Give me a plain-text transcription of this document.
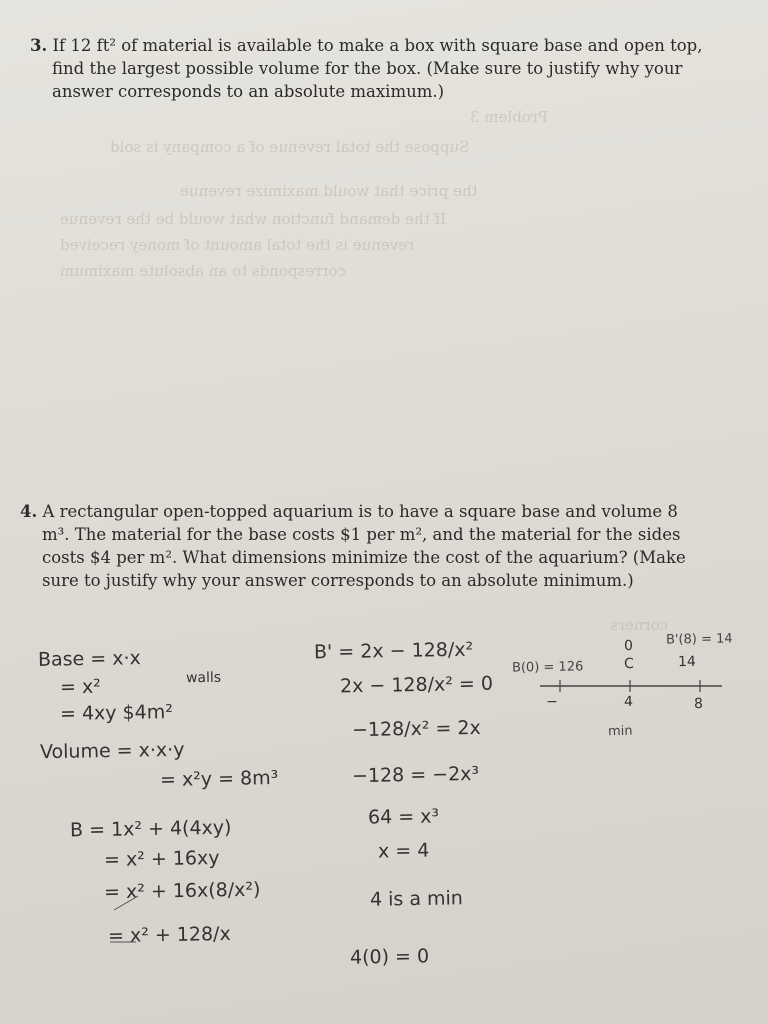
Problem 3
Suppose the total revenue of a company is sold
the price that would maximize revenue
If the demand function what would be the revenue
revenue is the total amount of money received
corresponds to an absolute maximum
corners
3. If 12 ft² of material is available to make a box with square base and open top,
find the largest possible volume for the box. (Make sure to justify why your
answer corresponds to an absolute maximum.)
4. A rectangular open-topped aquarium is to have a square base and volume 8
m³. The material for the base costs $1 per m², and the material for the sides
costs $4 per m². What dimensions minimize the cost of the aquarium? (Make
sure to justify why your answer corresponds to an absolute minimum.)
Base = x·x
= x²	walls
= 4xy $4m²
Volume = x·x·y
= x²y = 8m³
B = 1x² + 4(4xy)
= x² + 16xy
= x² + 16x(8/x²)
= x² + 128/x
B' = 2x − 128/x²
2x − 128/x² = 0
−128/x² = 2x
−128 = −2x³
64 = x³
x = 4
4 is a min
4(0) = 0
B(0) = 126
0
C
B'(8) = 14
14
−	4	8
min
